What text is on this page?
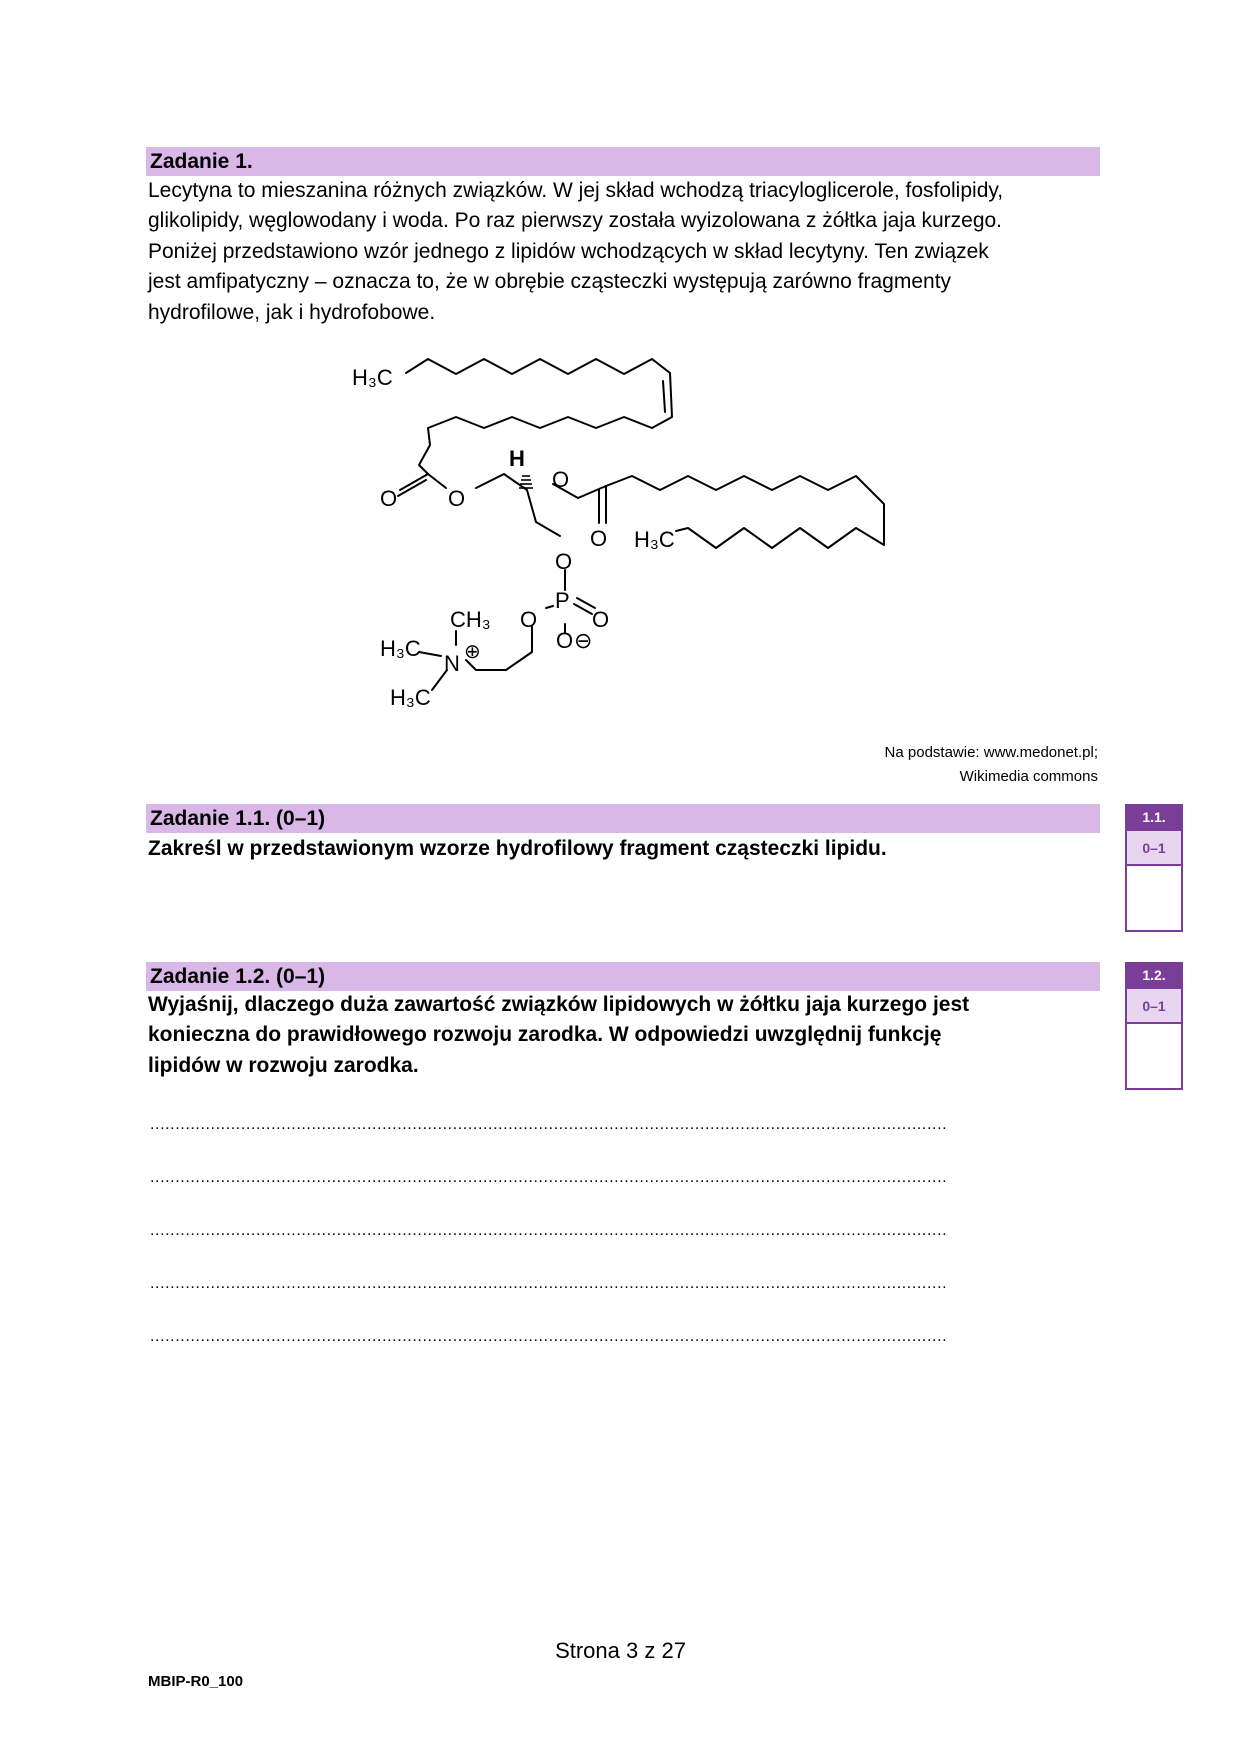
Zadanie 1.

Lecytyna to mieszanina różnych związków. W jej skład wchodzą triacyloglicerole, fosfolipidy,

glikolipidy, węglowodany i woda. Po raz pierwszy została wyizolowana z żółtka jaja kurzego.

Poniżej przedstawiono wzór jednego z lipidów wchodzących w skład lecytyny. Ten związek

jest amfipatyczny – oznacza to, że w obrębie cząsteczki występują zarówno fragmenty

hydrofilowe, jak i hydrofobowe.

H₃C
H
O
O O
O H₃C
O
P
O O
O ⊖
CH₃
H₃C
N ⊕
H₃C

Na podstawie: www.medonet.pl;

Wikimedia commons

Zadanie 1.1. (0–1)

Zakreśl w przedstawionym wzorze hydrofilowy fragment cząsteczki lipidu.

1.1.
0–1
Zadanie 1.2. (0–1)

Wyjaśnij, dlaczego duża zawartość związków lipidowych w żółtku jaja kurzego jest

konieczna do prawidłowego rozwoju zarodka. W odpowiedzi uwzględnij funkcję

lipidów w rozwoju zarodka.

1.2.
0–1
..............................................................................................................................................................
..............................................................................................................................................................
..............................................................................................................................................................
..............................................................................................................................................................
..............................................................................................................................................................
Strona 3 z 27
MBIP-R0_100
